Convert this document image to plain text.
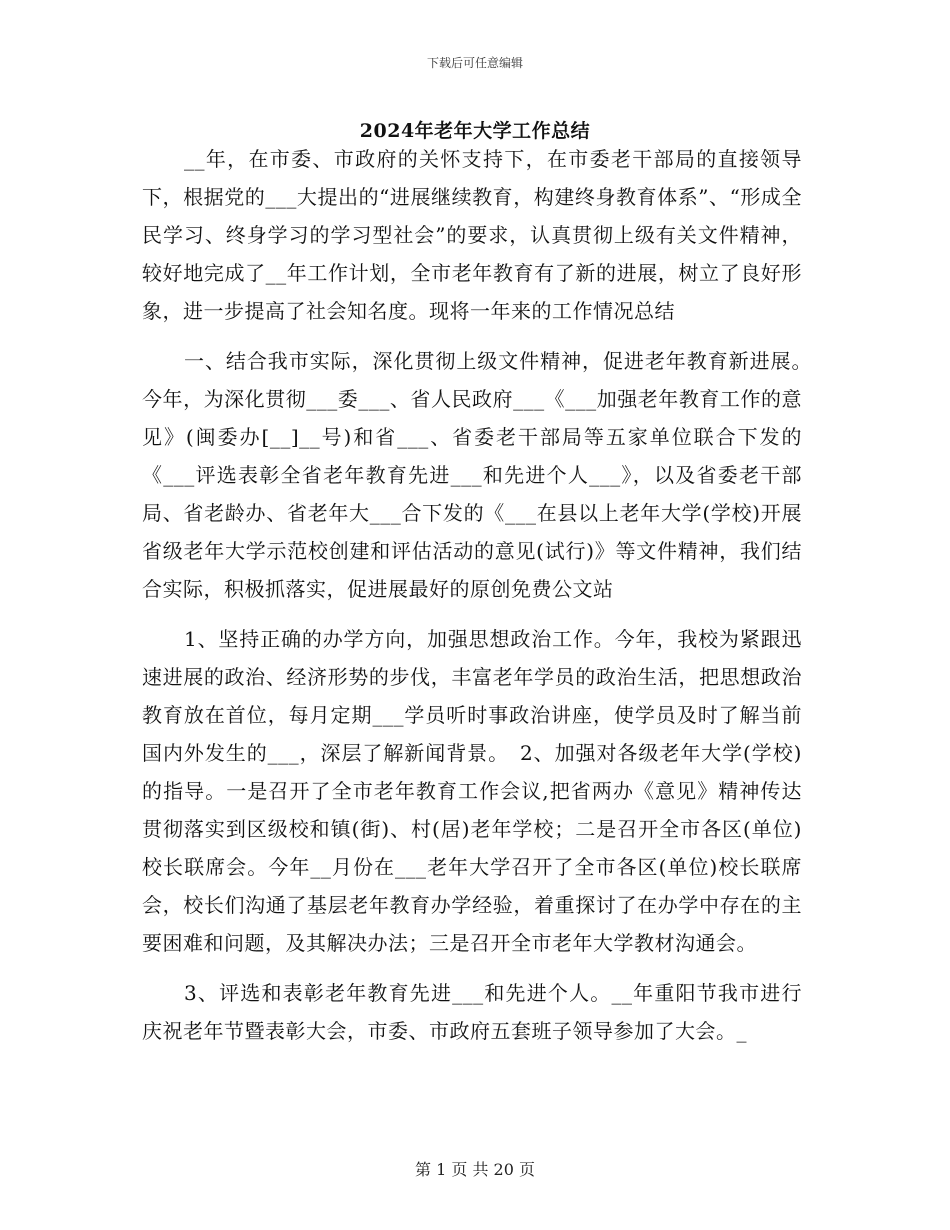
下载后可任意编辑
2024年老年大学工作总结

__年，在市委、市政府的关怀支持下，在市委老干部局的直接领导下，根据党的___大提出的“进展继续教育，构建终身教育体系”、“形成全民学习、终身学习的学习型社会”的要求，认真贯彻上级有关文件精神，较好地完成了__年工作计划，全市老年教育有了新的进展，树立了良好形象，进一步提高了社会知名度。现将一年来的工作情况总结

一、结合我市实际，深化贯彻上级文件精神，促进老年教育新进展。　今年，为深化贯彻___委___、省人民政府___《___加强老年教育工作的意见》(闽委办[__]__号)和省___、省委老干部局等五家单位联合下发的《___评选表彰全省老年教育先进___和先进个人___》，以及省委老干部局、省老龄办、省老年大___合下发的《___在县以上老年大学(学校)开展省级老年大学示范校创建和评估活动的意见(试行)》等文件精神，我们结合实际，积极抓落实，促进展最好的原创免费公文站

1、坚持正确的办学方向，加强思想政治工作。今年，我校为紧跟迅速进展的政治、经济形势的步伐，丰富老年学员的政治生活，把思想政治教育放在首位，每月定期___学员听时事政治讲座，使学员及时了解当前国内外发生的___，深层了解新闻背景。　2、加强对各级老年大学(学校)的指导。一是召开了全市老年教育工作会议,把省两办《意见》精神传达贯彻落实到区级校和镇(街)、村(居)老年学校；二是召开全市各区(单位)校长联席会。今年__月份在___老年大学召开了全市各区(单位)校长联席会，校长们沟通了基层老年教育办学经验，着重探讨了在办学中存在的主要困难和问题，及其解决办法；三是召开全市老年大学教材沟通会。

3、评选和表彰老年教育先进___和先进个人。__年重阳节我市进行庆祝老年节暨表彰大会，市委、市政府五套班子领导参加了大会。_

第 1 页 共 20 页
